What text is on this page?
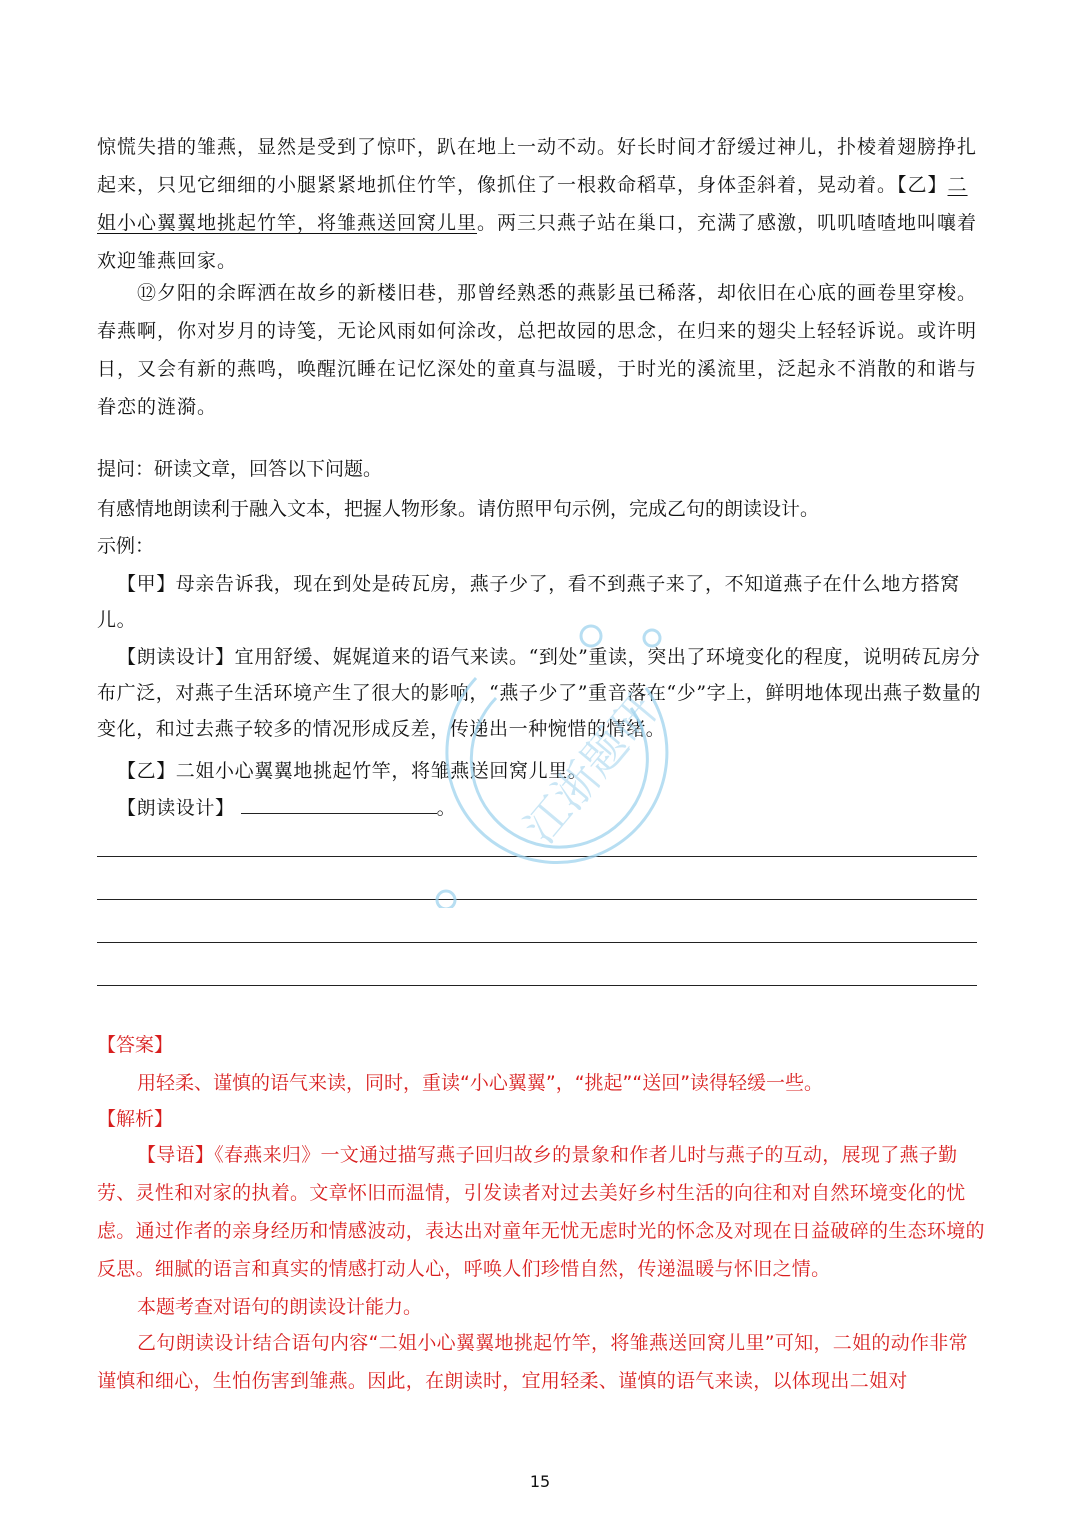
惊慌失措的雏燕，显然是受到了惊吓，趴在地上一动不动。好长时间才舒缓过神儿，扑棱着翅膀挣扎起来，只见它细细的小腿紧紧地抓住竹竿，像抓住了一根救命稻草，身体歪斜着，晃动着。【乙】二姐小心翼翼地挑起竹竿，将雏燕送回窝儿里。两三只燕子站在巢口，充满了感激，叽叽喳喳地叫嚷着欢迎雏燕回家。
⑫夕阳的余晖洒在故乡的新楼旧巷，那曾经熟悉的燕影虽已稀落，却依旧在心底的画卷里穿梭。春燕啊，你对岁月的诗笺，无论风雨如何涂改，总把故园的思念，在归来的翅尖上轻轻诉说。或许明日，又会有新的燕鸣，唤醒沉睡在记忆深处的童真与温暖，于时光的溪流里，泛起永不消散的和谐与眷恋的涟漪。
提问：研读文章，回答以下问题。
有感情地朗读利于融入文本，把握人物形象。请仿照甲句示例，完成乙句的朗读设计。
示例：
【甲】母亲告诉我，现在到处是砖瓦房，燕子少了，看不到燕子来了，不知道燕子在什么地方搭窝儿。
【朗读设计】宜用舒缓、娓娓道来的语气来读。“到处”重读，突出了环境变化的程度，说明砖瓦房分布广泛，对燕子生活环境产生了很大的影响，“燕子少了”重音落在“少”字上，鲜明地体现出燕子数量的变化，和过去燕子较多的情况形成反差，传递出一种惋惜的情绪。
【乙】二姐小心翼翼地挑起竹竿，将雏燕送回窝儿里。
【朗读设计】	。
【答案】
用轻柔、谨慎的语气来读，同时，重读“小心翼翼”，“挑起”“送回”读得轻缓一些。
【解析】
【导语】《春燕来归》一文通过描写燕子回归故乡的景象和作者儿时与燕子的互动，展现了燕子勤劳、灵性和对家的执着。文章怀旧而温情，引发读者对过去美好乡村生活的向往和对自然环境变化的忧虑。通过作者的亲身经历和情感波动，表达出对童年无忧无虑时光的怀念及对现在日益破碎的生态环境的反思。细腻的语言和真实的情感打动人心，呼唤人们珍惜自然，传递温暖与怀旧之情。
本题考查对语句的朗读设计能力。
乙句朗读设计结合语句内容“二姐小心翼翼地挑起竹竿，将雏燕送回窝儿里”可知，二姐的动作非常谨慎和细心，生怕伤害到雏燕。因此，在朗读时，宜用轻柔、谨慎的语气来读，以体现出二姐对
15
江浙题研
